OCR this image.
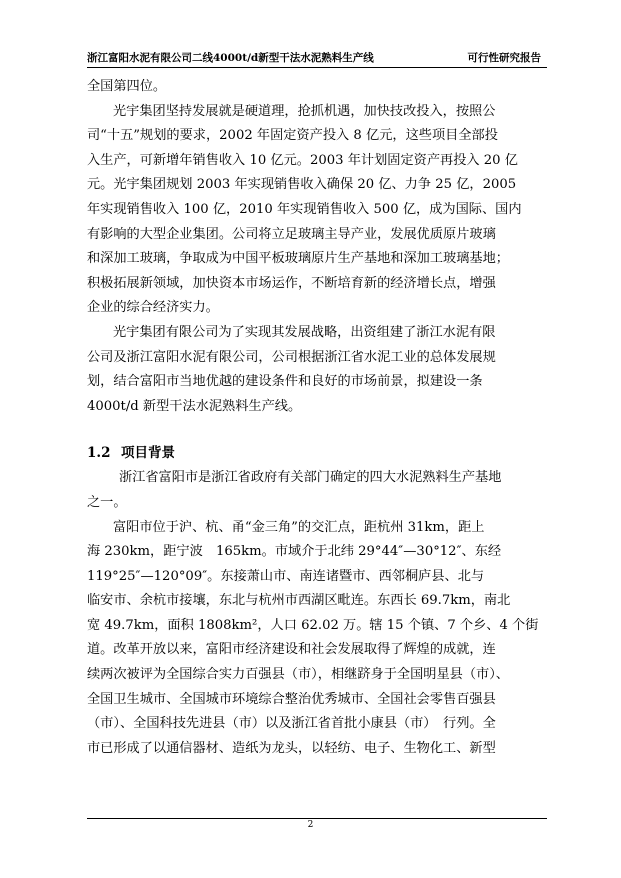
浙江富阳水泥有限公司二线4000t/d新型干法水泥熟料生产线	可行性研究报告
全国第四位。
光宇集团坚持发展就是硬道理，抢抓机遇，加快技改投入，按照公
司“十五”规划的要求，2002 年固定资产投入 8 亿元，这些项目全部投
入生产，可新增年销售收入 10 亿元。2003 年计划固定资产再投入 20 亿
元。光宇集团规划 2003 年实现销售收入确保 20 亿、力争 25 亿，2005
年实现销售收入 100 亿，2010 年实现销售收入 500 亿，成为国际、国内
有影响的大型企业集团。公司将立足玻璃主导产业，发展优质原片玻璃
和深加工玻璃，争取成为中国平板玻璃原片生产基地和深加工玻璃基地；
积极拓展新领域，加快资本市场运作，不断培育新的经济增长点，增强
企业的综合经济实力。
光宇集团有限公司为了实现其发展战略，出资组建了浙江水泥有限
公司及浙江富阳水泥有限公司，公司根据浙江省水泥工业的总体发展规
划，结合富阳市当地优越的建设条件和良好的市场前景，拟建设一条
4000t/d 新型干法水泥熟料生产线。
1.2 项目背景
浙江省富阳市是浙江省政府有关部门确定的四大水泥熟料生产基地
之一。
富阳市位于沪、杭、甬“金三角”的交汇点，距杭州 31km，距上
海 230km，距宁波　165km。市域介于北纬 29°44″—30°12″、东经
119°25″—120°09″。东接萧山市、南连诸暨市、西邻桐庐县、北与
临安市、余杭市接壤，东北与杭州市西湖区毗连。东西长 69.7km，南北
宽 49.7km，面积 1808km²，人口 62.02 万。辖 15 个镇、7 个乡、4 个街
道。改革开放以来，富阳市经济建设和社会发展取得了辉煌的成就，连
续两次被评为全国综合实力百强县（市），相继跻身于全国明星县（市）、
全国卫生城市、全国城市环境综合整治优秀城市、全国社会零售百强县
（市）、全国科技先进县（市）以及浙江省首批小康县（市）　行列。全
市已形成了以通信器材、造纸为龙头，以轻纺、电子、生物化工、新型
2
